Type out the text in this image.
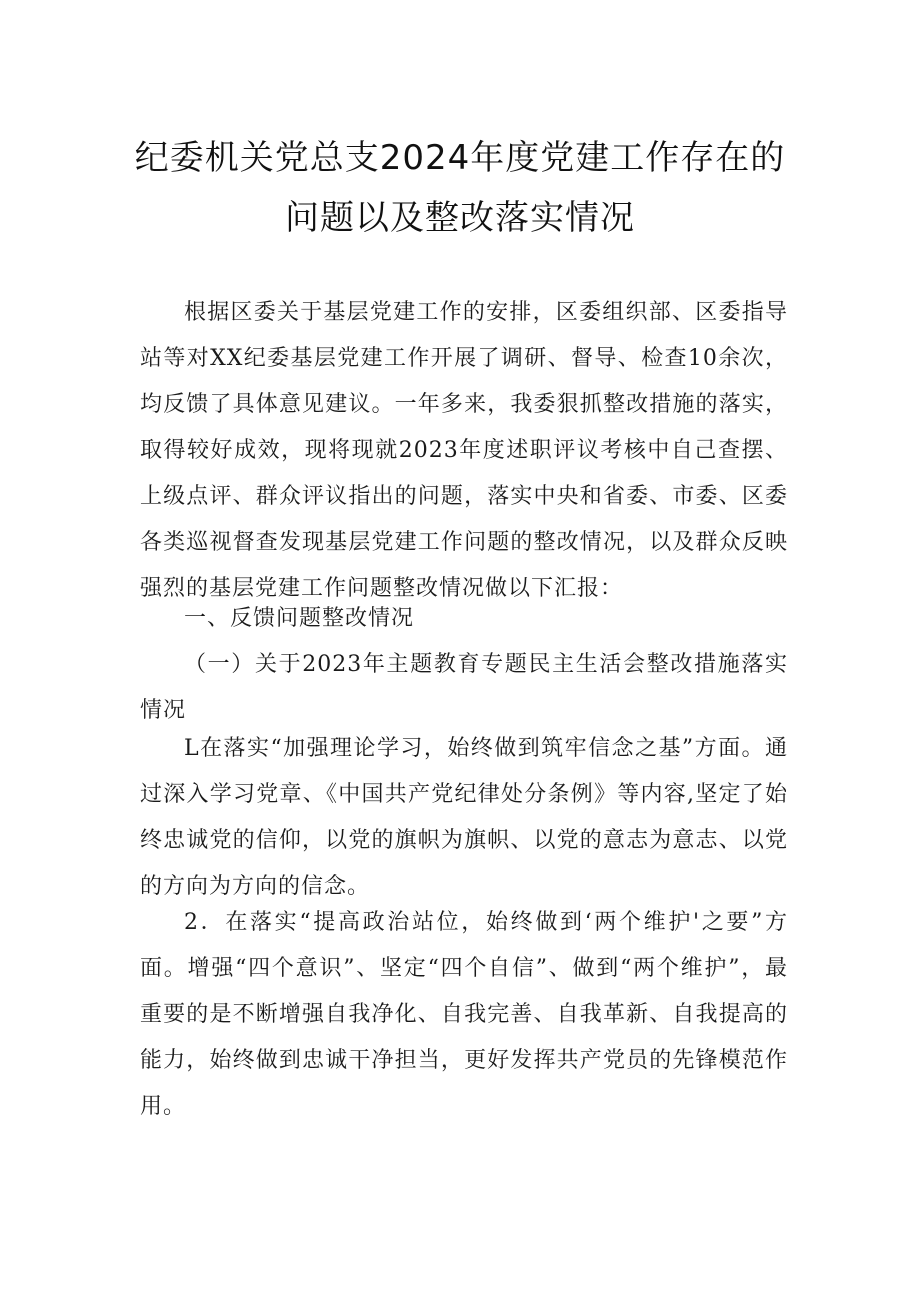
纪委机关党总支2024年度党建工作存在的
问题以及整改落实情况

根据区委关于基层党建工作的安排，区委组织部、区委指导站等对XX纪委基层党建工作开展了调研、督导、检查10余次，均反馈了具体意见建议。一年多来，我委狠抓整改措施的落实，取得较好成效，现将现就2023年度述职评议考核中自己查摆、上级点评、群众评议指出的问题，落实中央和省委、市委、区委各类巡视督查发现基层党建工作问题的整改情况，以及群众反映强烈的基层党建工作问题整改情况做以下汇报：

一、反馈问题整改情况

（一）关于2023年主题教育专题民主生活会整改措施落实情况

L在落实“加强理论学习，始终做到筑牢信念之基”方面。通过深入学习党章、《中国共产党纪律处分条例》等内容,坚定了始终忠诚党的信仰，以党的旗帜为旗帜、以党的意志为意志、以党的方向为方向的信念。

2．在落实“提高政治站位，始终做到‘两个维护'之要”方面。增强“四个意识”、坚定“四个自信”、做到“两个维护”，最重要的是不断增强自我净化、自我完善、自我革新、自我提高的能力，始终做到忠诚干净担当，更好发挥共产党员的先锋模范作用。
